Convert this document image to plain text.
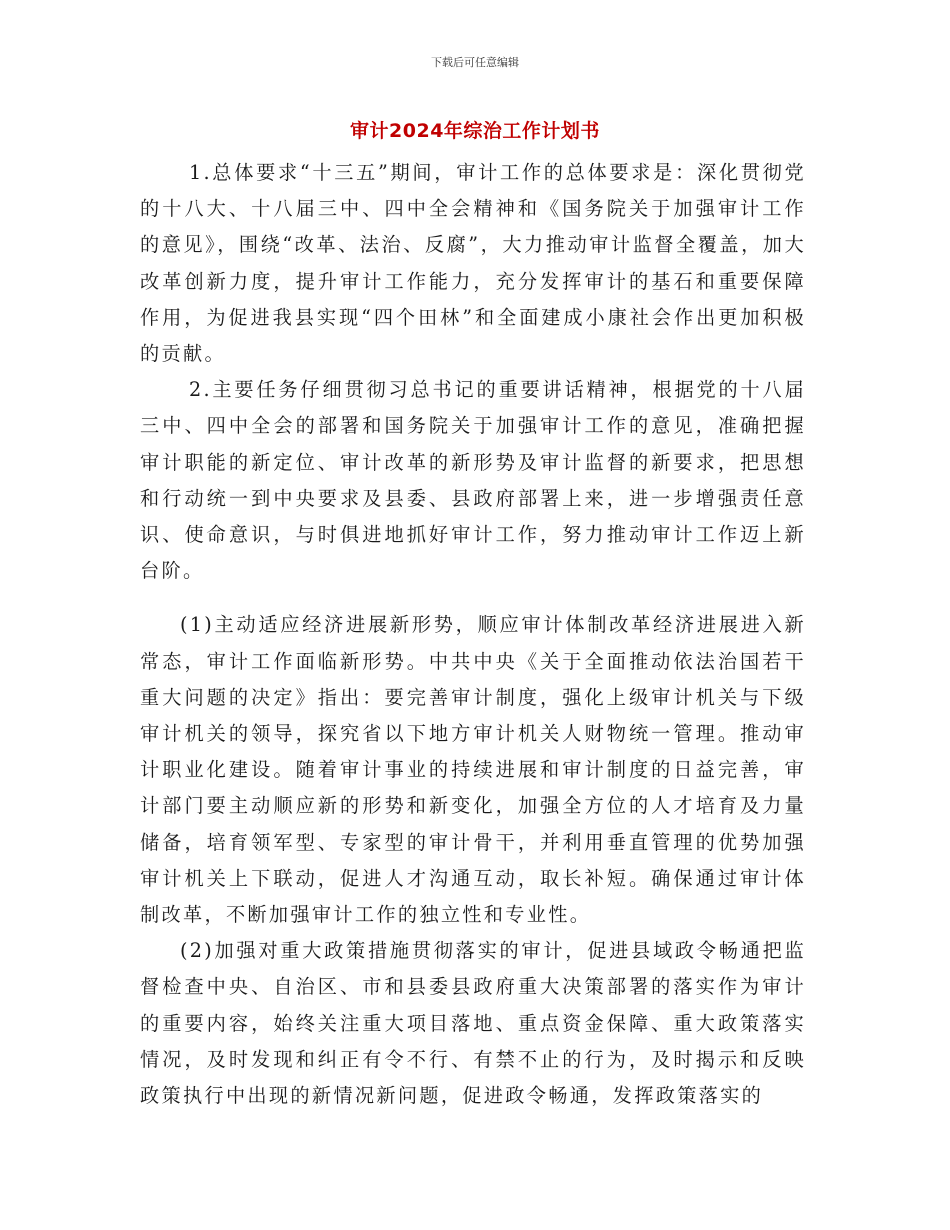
下载后可任意编辑
审计2024年综治工作计划书

1.总体要求“十三五”期间，审计工作的总体要求是：深化贯彻党的十八大、十八届三中、四中全会精神和《国务院关于加强审计工作的意见》，围绕“改革、法治、反腐”，大力推动审计监督全覆盖，加大改革创新力度，提升审计工作能力，充分发挥审计的基石和重要保障作用，为促进我县实现“四个田林”和全面建成小康社会作出更加积极的贡献。

2.主要任务仔细贯彻习总书记的重要讲话精神，根据党的十八届三中、四中全会的部署和国务院关于加强审计工作的意见，准确把握审计职能的新定位、审计改革的新形势及审计监督的新要求，把思想和行动统一到中央要求及县委、县政府部署上来，进一步增强责任意识、使命意识，与时俱进地抓好审计工作，努力推动审计工作迈上新台阶。

(1)主动适应经济进展新形势，顺应审计体制改革经济进展进入新常态，审计工作面临新形势。中共中央《关于全面推动依法治国若干重大问题的决定》指出：要完善审计制度，强化上级审计机关与下级审计机关的领导，探究省以下地方审计机关人财物统一管理。推动审计职业化建设。随着审计事业的持续进展和审计制度的日益完善，审计部门要主动顺应新的形势和新变化，加强全方位的人才培育及力量储备，培育领军型、专家型的审计骨干，并利用垂直管理的优势加强审计机关上下联动，促进人才沟通互动，取长补短。确保通过审计体制改革，不断加强审计工作的独立性和专业性。

(2)加强对重大政策措施贯彻落实的审计，促进县域政令畅通把监督检查中央、自治区、市和县委县政府重大决策部署的落实作为审计的重要内容，始终关注重大项目落地、重点资金保障、重大政策落实情况，及时发现和纠正有令不行、有禁不止的行为，及时揭示和反映政策执行中出现的新情况新问题，促进政令畅通，发挥政策落实的
